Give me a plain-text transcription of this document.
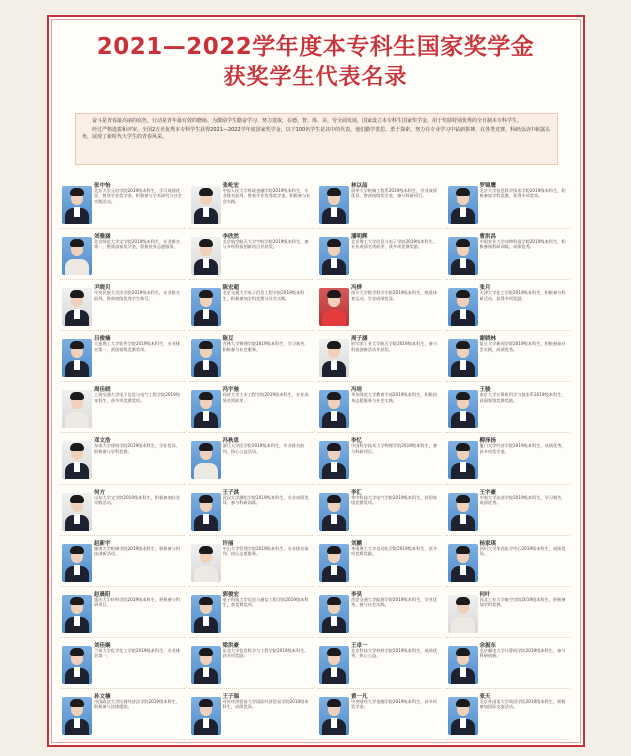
2021—2022学年度本专科生国家奖学金
获奖学生代表名录

奋斗是青春最亮丽的底色，行动是青年最有效的磨砺。为激励学生勤奋学习、努力进取，在德、智、体、美、劳全面发展，国家设立本专科生国家奖学金，用于奖励特别优秀的全日制本专科学生。

经过严格选拔和评审，全国2万名优秀本专科学生获得2021—2022学年度国家奖学金，以下100名学生是其中的代表。他们勤学善思、勇于探索，努力在专业学习中钻研拼搏，在各类竞赛、科研活动中崭露头角，展现了新时代大学生的青春风采。

张中怡
北京大学元培学院2019级本科生。学习成绩优异，曾获学业奖学金，积极参与学术研究与社会实践活动。
张屹宏
中国人民大学财政金融学院2019级本科生，专业排名前列，曾获学业优秀奖学金，积极参与社会实践。
林以喆
清华大学机械工程系2019级本科生，学业成绩优异，曾获校级奖学金，参与科研项目。
罗锦鹰
北京大学信息科学技术学院2019级本科生，积极参加学科竞赛，获得多项奖项。
刘雅涵
北京师范大学文学院2019级本科生，专业排名第一，曾获国家奖学金，积极投身志愿服务。
李欣然
北京航空航天大学宇航学院2019级本科生，参与多项科技创新项目并获奖。
潘明辉
北京理工大学信息与电子学院2019级本科生，专业成绩名列前茅，获多项竞赛奖励。
曹洪昌
中国农业大学动物科技学院2019级本科生，积极参加科研训练，成绩优秀。
尹晓贝
中央民族大学法学院2019级本科生，专业排名前列，曾获校级优秀学生称号。
陈宏超
北京交通大学电子信息工程学院2019级本科生，积极参加学科竞赛与社会实践。
冯烨
南开大学数学科学学院2019级本科生，热爱体育运动，学业成绩优异。
张月
天津大学化工学院2019级本科生，积极参与科研活动，获得多项奖励。
吕俊楠
大连理工大学软件学院2019级本科生，专业排名第一，获国家级竞赛奖项。
陈豆
吉林大学物理学院2019级本科生，学习刻苦，积极参与社会服务。
周子涵
哈尔滨工业大学航天学院2019级本科生，参与科技创新活动并获奖。
谢晓林
复旦大学新闻学院2019级本科生，积极参加社会实践，成绩优秀。
周佳晓
上海交通大学电子信息与电气工程学院2019级本科生，获多项竞赛奖项。
冯宇驰
同济大学土木工程学院2019级本科生，专业成绩名列前茅。
冯培
华东师范大学教育学部2019级本科生，积极投身志愿服务与社会实践。
王骏
南京大学计算机科学与技术系2019级本科生，获国家级竞赛奖励。
邓文浩
东南大学建筑学院2019级本科生，学业优异，积极参与学科竞赛。
冯秋思
浙江大学医学院2019级本科生，专业排名前列，热心公益活动。
李忆
中国科学技术大学物理学院2019级本科生，参与科研项目。
柳泽扬
厦门大学经济学院2019级本科生，成绩优秀，获多项奖学金。
何方
山东大学文学院2019级本科生，积极参加社会实践活动。
王子淇
武汉大学测绘学院2019级本科生，专业成绩优异，参与科研训练。
李汇
华中科技大学电气学院2019级本科生，获国家级竞赛奖项。
王宇豪
中南大学冶金学院2019级本科生，学习刻苦，成绩优秀。
赵新宇
湖南大学机械学院2019级本科生，积极参与科技创新活动。
许丽
中山大学管理学院2019级本科生，专业排名前列，热心志愿服务。
刘鹏
华南理工大学自动化学院2019级本科生，获多项竞赛奖励。
杨家琪
四川大学华西医学中心2019级本科生，成绩优异。
赵晨阳
重庆大学材料学院2019级本科生，积极参与科研项目。
郭俊宏
电子科技大学信息与通信工程学院2019级本科生，获竞赛奖项。
李昊
西安交通大学能源学院2019级本科生，学业优秀，参与社会实践。
何叶
西北工业大学航空学院2019级本科生，积极参加学科竞赛。
刘佳娴
兰州大学化学化工学院2019级本科生，专业排名第一。
梁洪豪
东北大学信息科学与工程学院2019级本科生，获多项奖励。
王卓一
北京科技大学材料学院2019级本科生，成绩优秀，热心公益。
余振东
北京邮电大学计算机学院2019级本科生，参与科研创新。
孙文楠
中国政法大学民商经济法学院2019级本科生，积极参与法律援助。
王子瑞
对外经济贸易大学国际经济贸易学院2019级本科生，成绩优异。
黄一凡
中央财经大学金融学院2019级本科生，获多项奖学金。
张天
北京外国语大学英语学院2019级本科生，积极参加国际交流活动。
